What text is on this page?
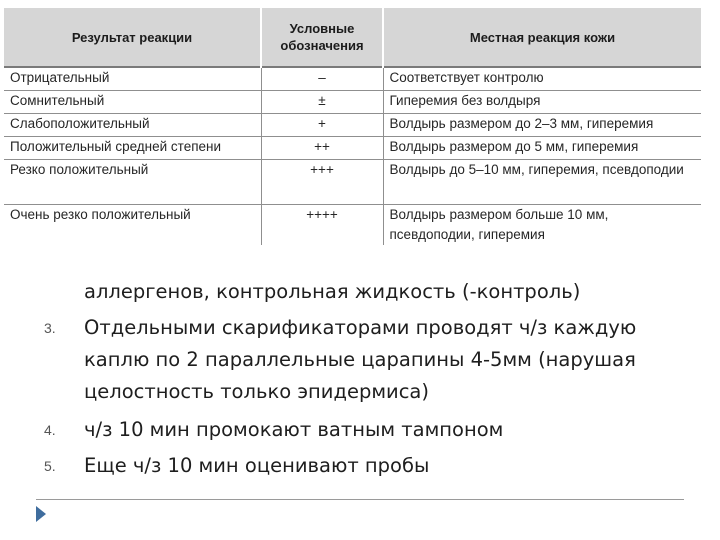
Результат реакции	Условные обозначения	Местная реакция кожи
Отрицательный	–	Соответствует контролю
Сомнительный	±	Гиперемия без волдыря
Слабоположительный	+	Волдырь размером до 2–3 мм, гиперемия
Положительный средней степени	++	Волдырь размером до 5 мм, гиперемия
Резко положительный	+++	Волдырь до 5–10 мм, гиперемия, псевдоподии
Очень резко положительный	++++	Волдырь размером больше 10 мм, псевдоподии, гиперемия
аллергенов, контрольная жидкость (-контроль)
3. Отдельными скарификаторами проводят ч/з каждую
каплю по 2 параллельные царапины 4-5мм (нарушая
целостность только эпидермиса)
4. ч/з 10 мин промокают ватным тампоном
5. Еще ч/з 10 мин оценивают пробы
